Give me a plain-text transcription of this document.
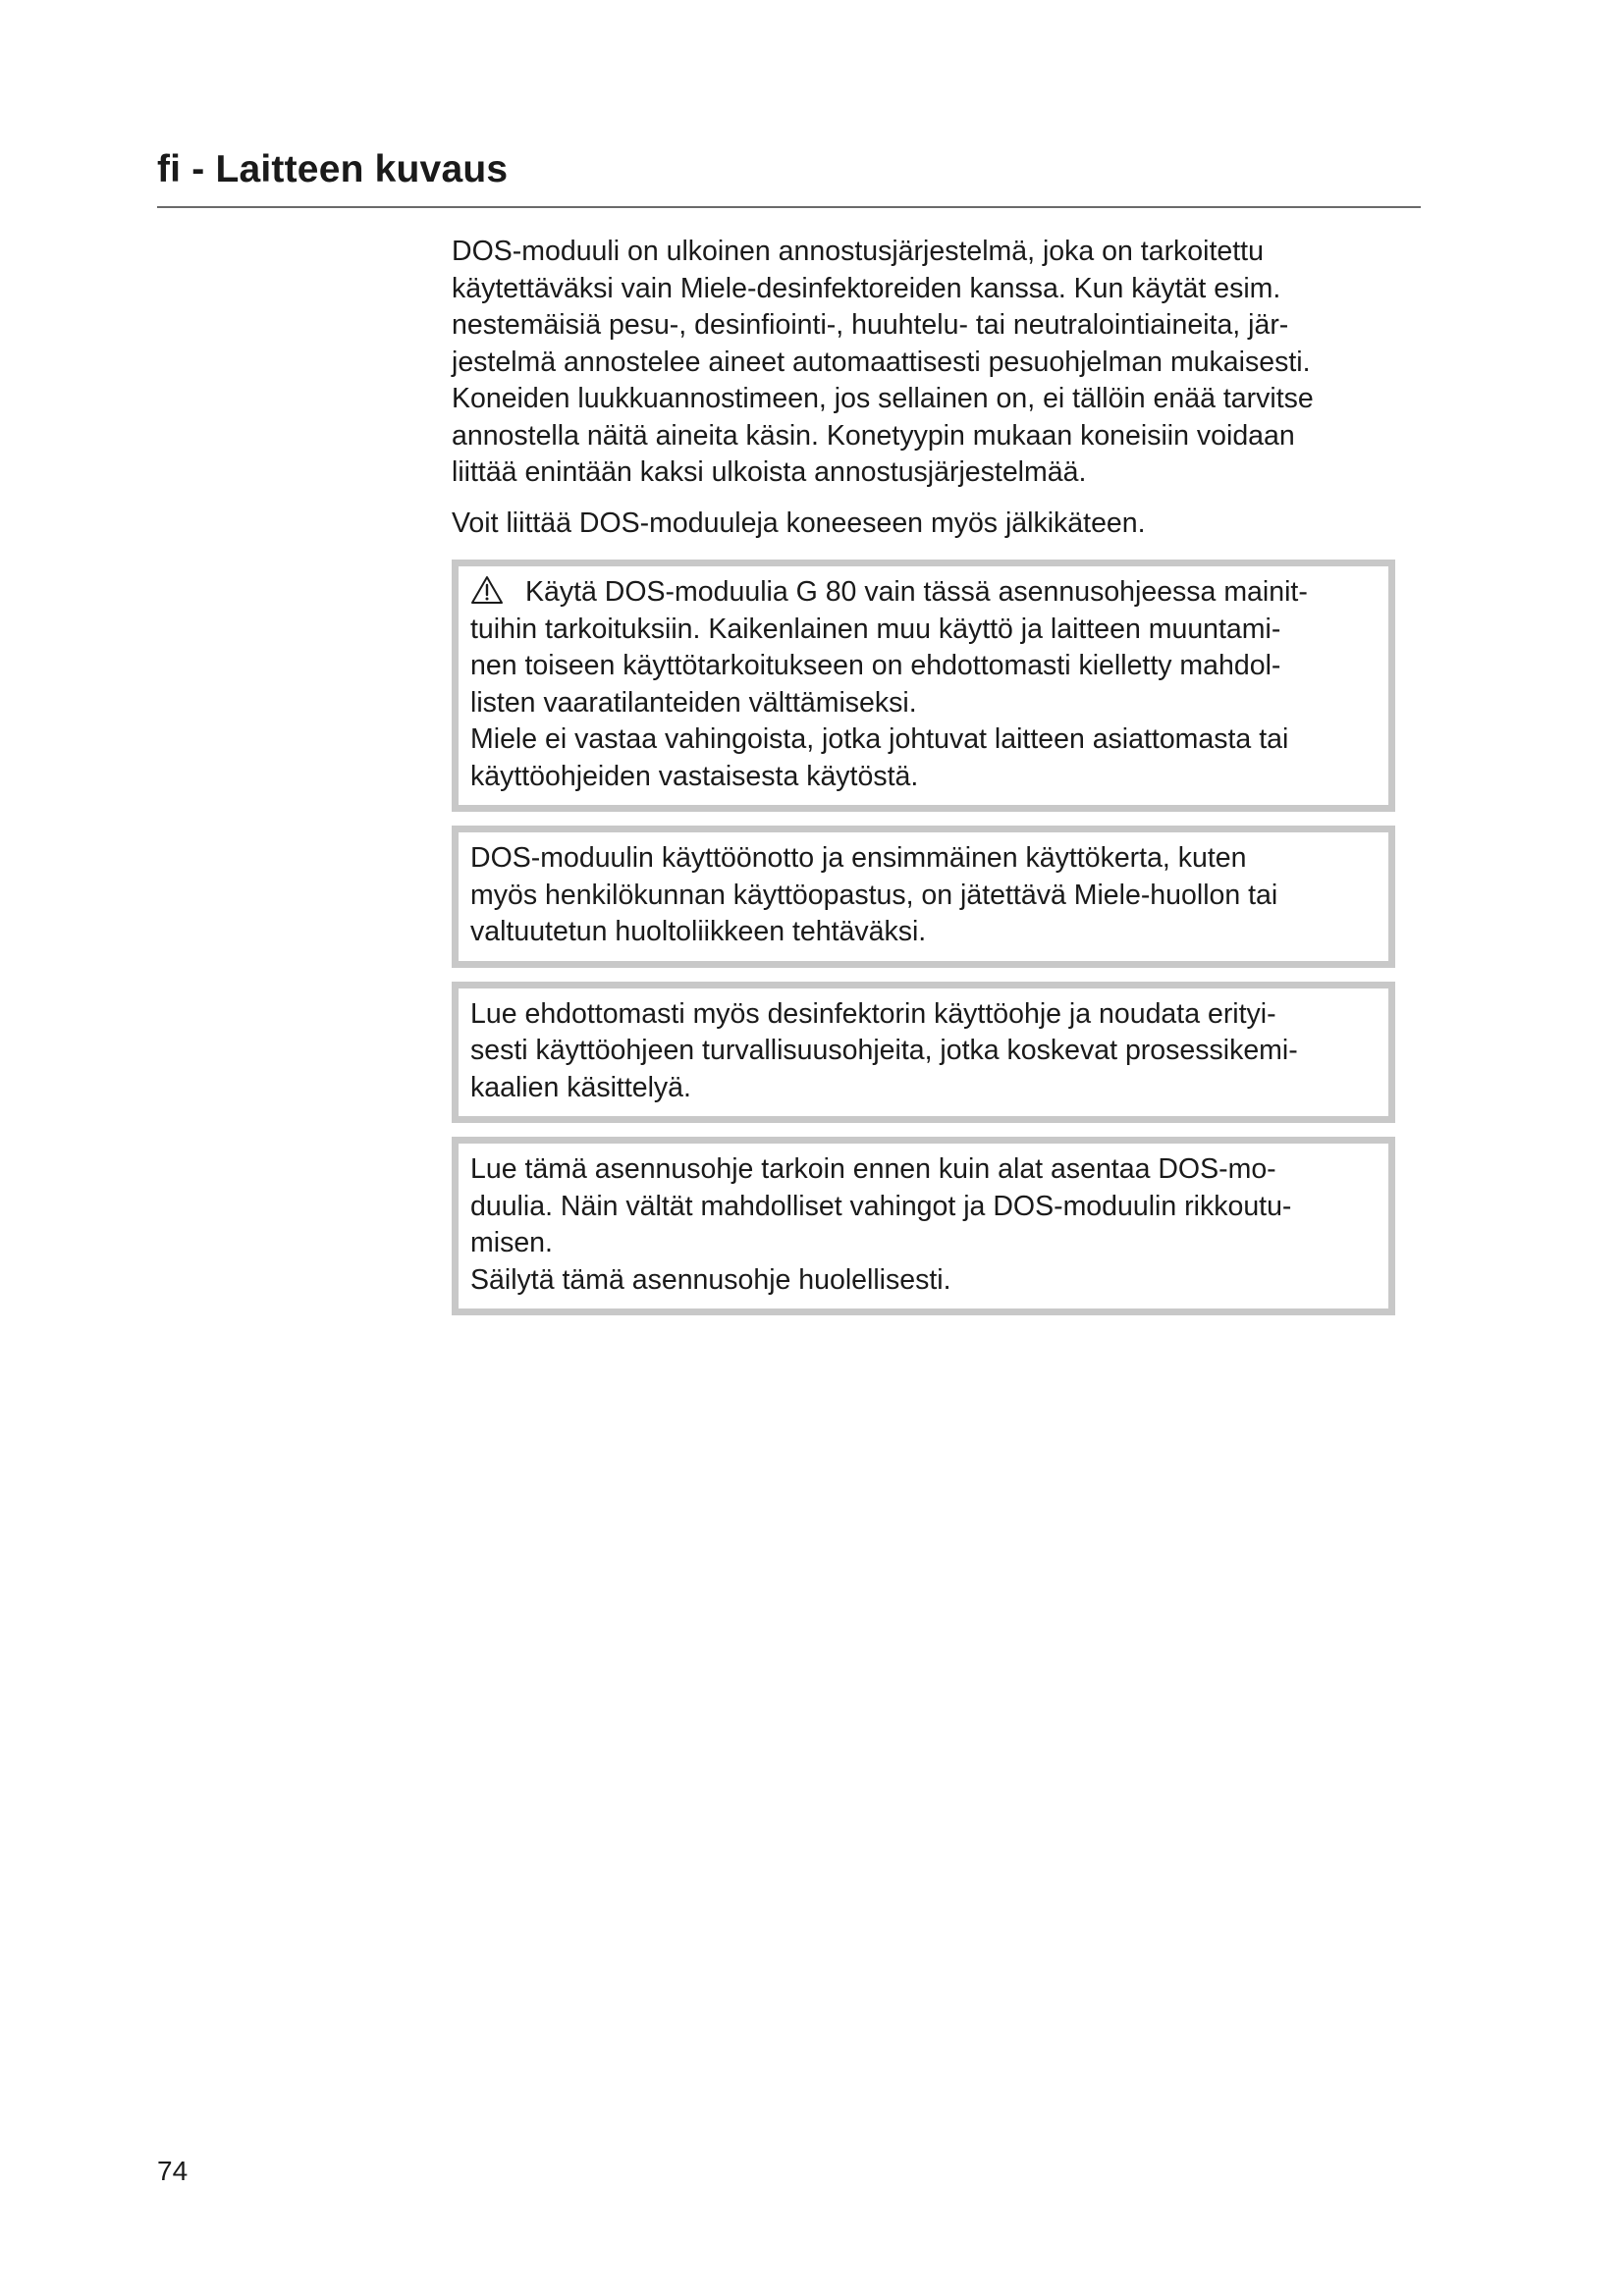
fi - Laitteen kuvaus

DOS-moduuli on ulkoinen annostusjärjestelmä, joka on tarkoitettu
käytettäväksi vain Miele-desinfektoreiden kanssa. Kun käytät esim.
nestemäisiä pesu-, desinfiointi-, huuhtelu- tai neutralointiaineita, jär-
jestelmä annostelee aineet automaattisesti pesuohjelman mukaisesti.
Koneiden luukkuannostimeen, jos sellainen on, ei tällöin enää tarvitse
annostella näitä aineita käsin. Konetyypin mukaan koneisiin voidaan
liittää enintään kaksi ulkoista annostusjärjestelmää.

Voit liittää DOS-moduuleja koneeseen myös jälkikäteen.

Käytä DOS-moduulia G 80 vain tässä asennusohjeessa mainit-
tuihin tarkoituksiin. Kaikenlainen muu käyttö ja laitteen muuntami-
nen toiseen käyttötarkoitukseen on ehdottomasti kielletty mahdol-
listen vaaratilanteiden välttämiseksi.
Miele ei vastaa vahingoista, jotka johtuvat laitteen asiattomasta tai
käyttöohjeiden vastaisesta käytöstä.

DOS-moduulin käyttöönotto ja ensimmäinen käyttökerta, kuten
myös henkilökunnan käyttöopastus, on jätettävä Miele-huollon tai
valtuutetun huoltoliikkeen tehtäväksi.

Lue ehdottomasti myös desinfektorin käyttöohje ja noudata erityi-
sesti käyttöohjeen turvallisuusohjeita, jotka koskevat prosessikemi-
kaalien käsittelyä.

Lue tämä asennusohje tarkoin ennen kuin alat asentaa DOS-mo-
duulia. Näin vältät mahdolliset vahingot ja DOS-moduulin rikkoutu-
misen.
Säilytä tämä asennusohje huolellisesti.

74
